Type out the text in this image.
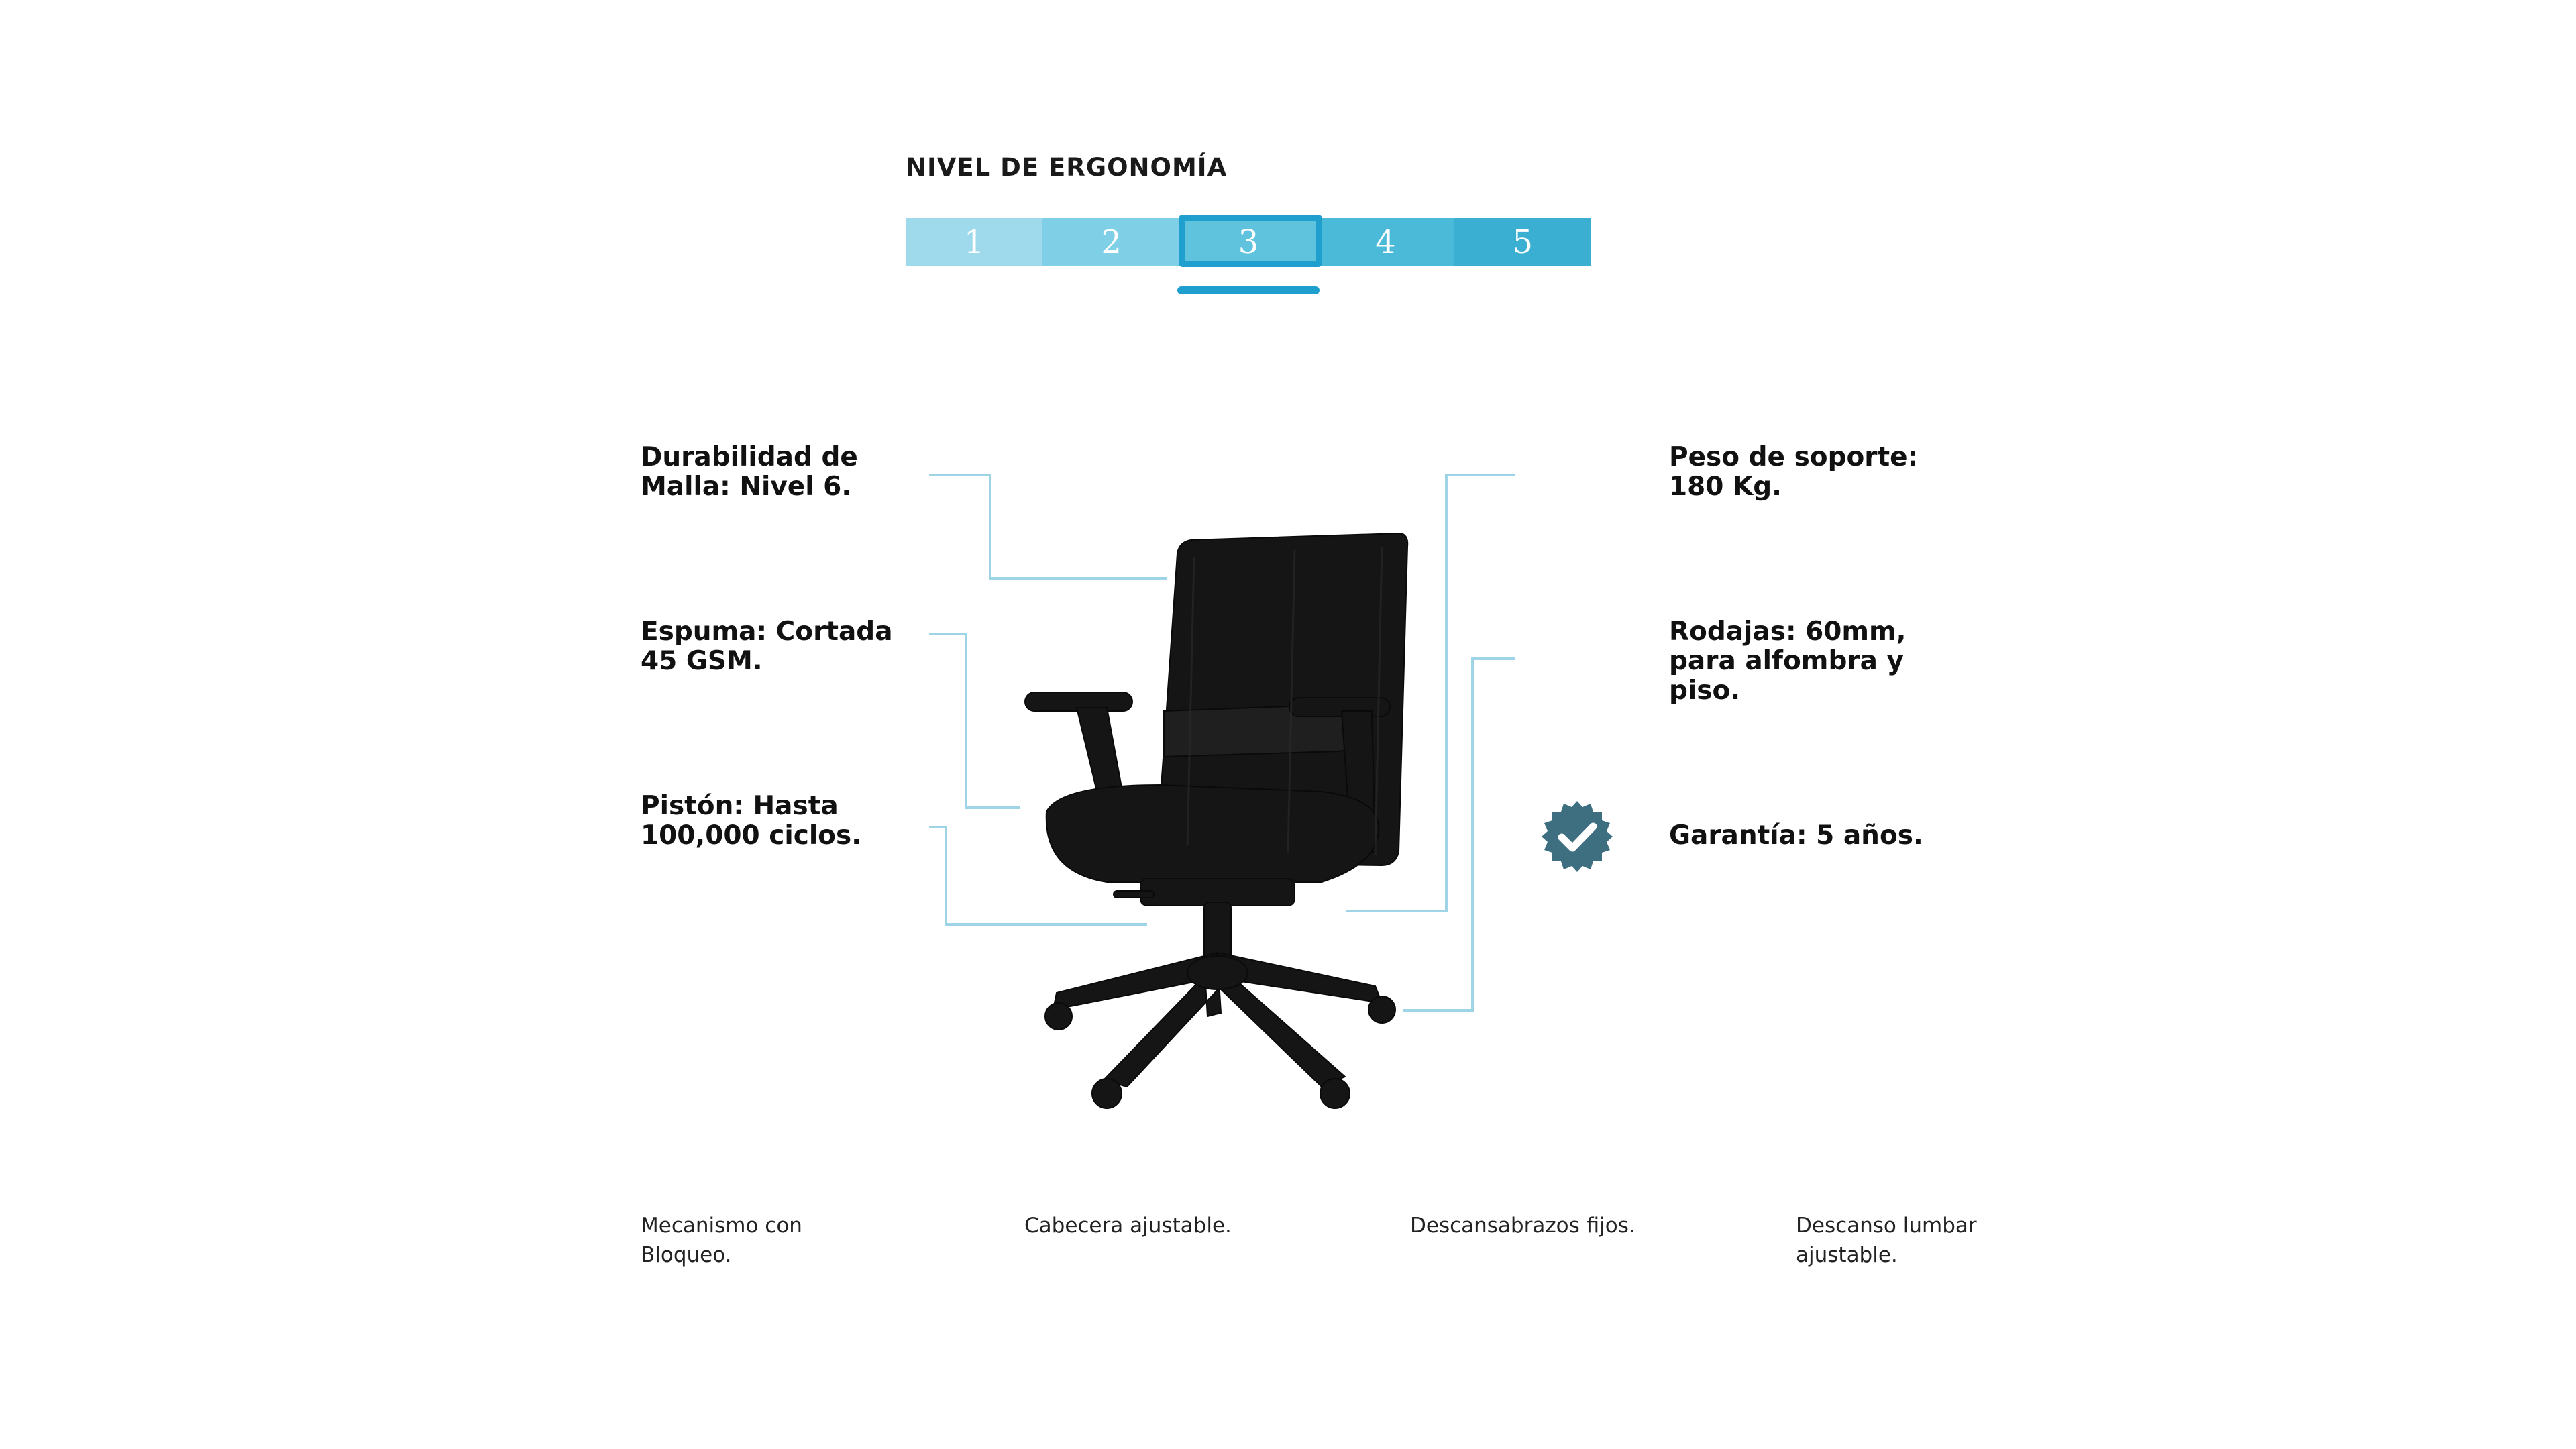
NIVEL DE ERGONOMÍA
1	2	3	4	5
Durabilidad de
Malla: Nivel 6.
Espuma: Cortada
45 GSM.
Pistón: Hasta
100,000 ciclos.
Peso de soporte:
180 Kg.
Rodajas: 60mm,
para alfombra y
piso.
Garantía: 5 años.
Mecanismo con
Bloqueo.
Cabecera ajustable.	Descansabrazos fijos.	Descanso lumbar
ajustable.
